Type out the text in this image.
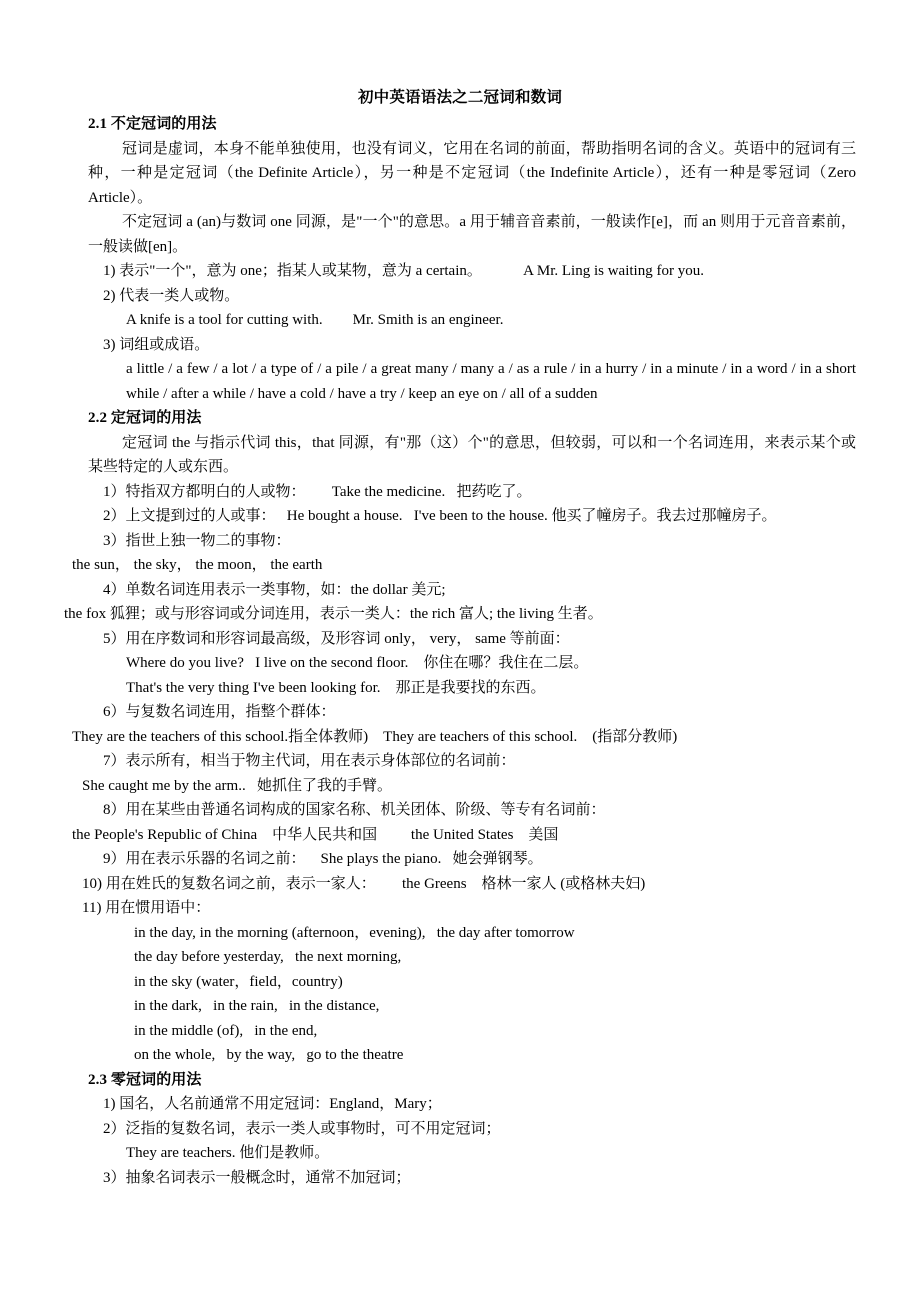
初中英语语法之二冠词和数词
2.1 不定冠词的用法

冠词是虚词，本身不能单独使用，也没有词义，它用在名词的前面，帮助指明名词的含义。英语中的冠词有三种，一种是定冠词（the Definite Article），另一种是不定冠词（the Indefinite Article），还有一种是零冠词（Zero Article）。

不定冠词 a (an)与数词 one 同源，是"一个"的意思。a 用于辅音音素前，一般读作[e]，而 an 则用于元音音素前，一般读做[en]。

1) 表示"一个"，意为 one；指某人或某物，意为 a certain。           A Mr. Ling is waiting for you.

2) 代表一类人或物。

A knife is a tool for cutting with.        Mr. Smith is an engineer.

3) 词组或成语。

a little / a few / a lot / a type of / a pile / a great many / many a / as a rule / in a hurry / in a minute / in a word / in a short while / after a while / have a cold / have a try / keep an eye on / all of a sudden

2.2 定冠词的用法

定冠词 the 与指示代词 this，that 同源，有"那（这）个"的意思，但较弱，可以和一个名词连用，来表示某个或某些特定的人或东西。

1）特指双方都明白的人或物：       Take the medicine.   把药吃了。

2）上文提到过的人或事：   He bought a house.   I've been to the house. 他买了幢房子。我去过那幢房子。

3）指世上独一物二的事物：

the sun， the sky， the moon， the earth

4）单数名词连用表示一类事物，如：the dollar 美元;

the fox 狐狸；或与形容词或分词连用，表示一类人：the rich 富人; the living 生者。

5）用在序数词和形容词最高级，及形容词 only， very， same 等前面：

Where do you live?   I live on the second floor.    你住在哪？我住在二层。

That's the very thing I've been looking for.    那正是我要找的东西。

6）与复数名词连用，指整个群体：

They are the teachers of this school.指全体教师)    They are teachers of this school.    (指部分教师)

7）表示所有，相当于物主代词，用在表示身体部位的名词前：

She caught me by the arm..   她抓住了我的手臂。

8）用在某些由普通名词构成的国家名称、机关团体、阶级、等专有名词前：

the People's Republic of China    中华人民共和国         the United States    美国

9）用在表示乐器的名词之前：    She plays the piano.   她会弹钢琴。

10) 用在姓氏的复数名词之前，表示一家人：       the Greens    格林一家人 (或格林夫妇)

11) 用在惯用语中：

in the day, in the morning (afternoon，evening),   the day after tomorrow

the day before yesterday,   the next morning,

in the sky (water，field，country)

in the dark,   in the rain,   in the distance,

in the middle (of),   in the end,

on the whole,   by the way,   go to the theatre

2.3 零冠词的用法

1) 国名，人名前通常不用定冠词：England，Mary；

2）泛指的复数名词，表示一类人或事物时，可不用定冠词；

They are teachers. 他们是教师。

3）抽象名词表示一般概念时，通常不加冠词；
